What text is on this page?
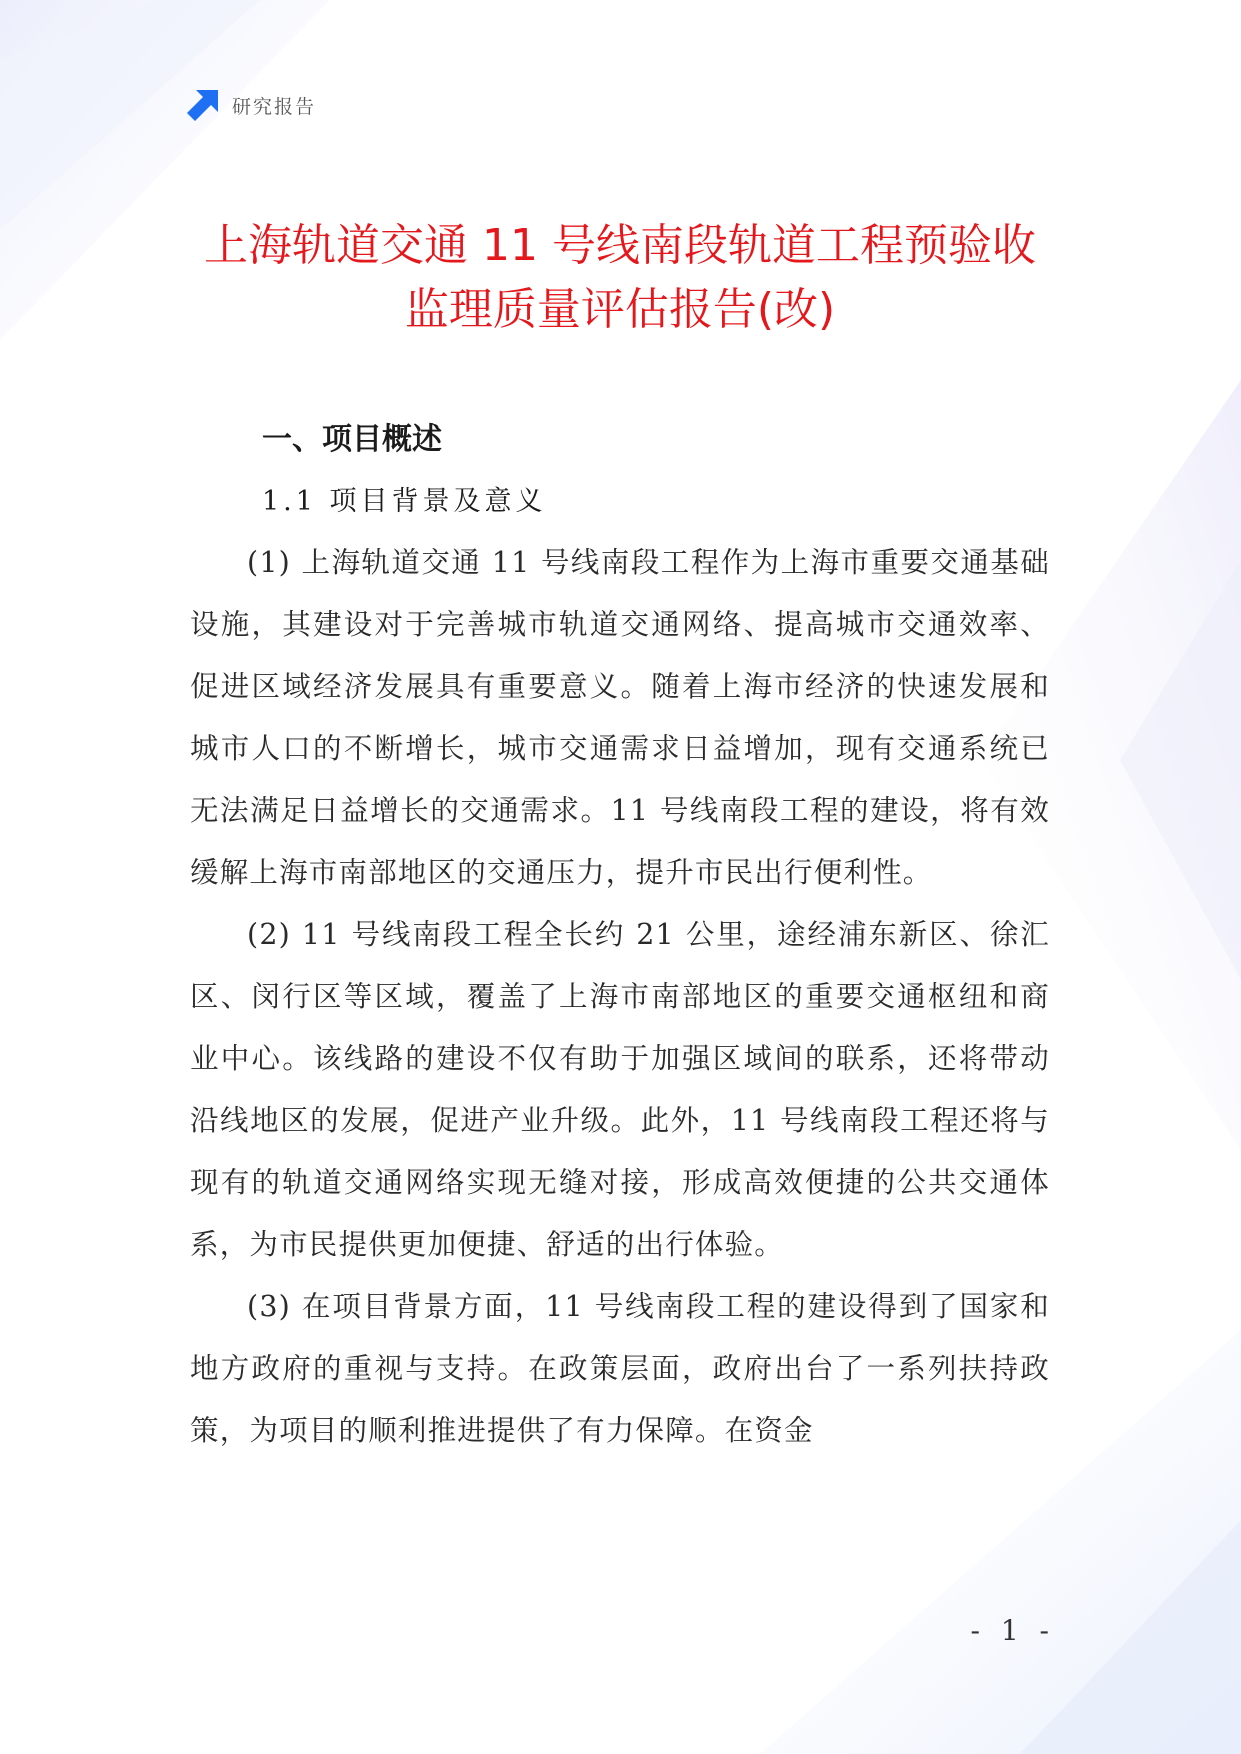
研究报告
上海轨道交通 11 号线南段轨道工程预验收
监理质量评估报告(改)
一、项目概述
1.1 项目背景及意义

(1) 上海轨道交通 11 号线南段工程作为上海市重要交通基础设施，其建设对于完善城市轨道交通网络、提高城市交通效率、促进区域经济发展具有重要意义。随着上海市经济的快速发展和城市人口的不断增长，城市交通需求日益增加，现有交通系统已无法满足日益增长的交通需求。11 号线南段工程的建设，将有效缓解上海市南部地区的交通压力，提升市民出行便利性。

(2) 11 号线南段工程全长约 21 公里，途经浦东新区、徐汇区、闵行区等区域，覆盖了上海市南部地区的重要交通枢纽和商业中心。该线路的建设不仅有助于加强区域间的联系，还将带动沿线地区的发展，促进产业升级。此外，11 号线南段工程还将与现有的轨道交通网络实现无缝对接，形成高效便捷的公共交通体系，为市民提供更加便捷、舒适的出行体验。

(3) 在项目背景方面，11 号线南段工程的建设得到了国家和地方政府的重视与支持。在政策层面，政府出台了一系列扶持政策，为项目的顺利推进提供了有力保障。在资金

- 1 -
